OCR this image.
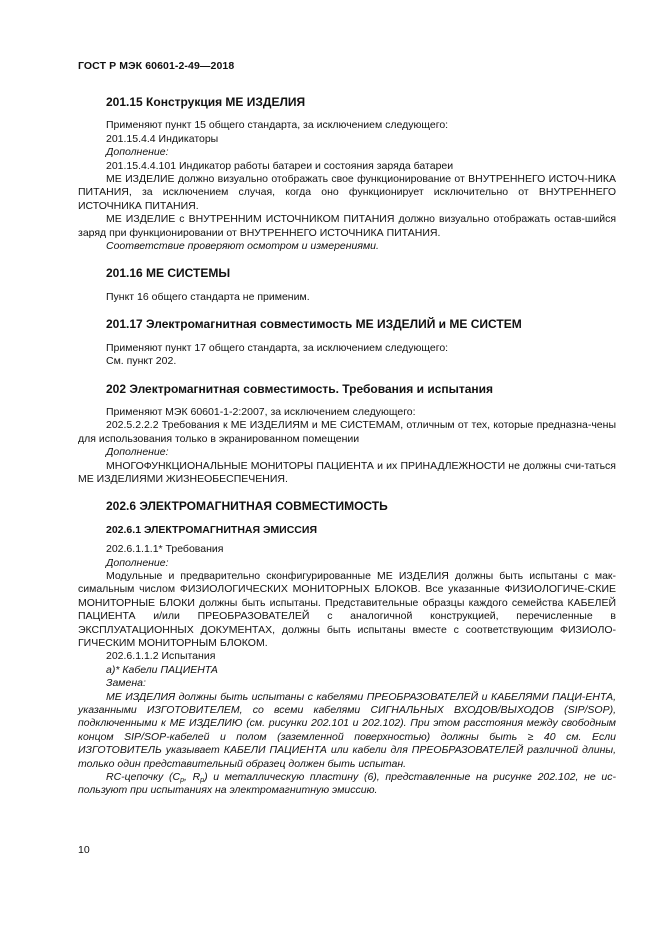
ГОСТ Р МЭК 60601-2-49—2018
201.15 Конструкция МЕ ИЗДЕЛИЯ

Применяют пункт 15 общего стандарта, за исключением следующего:

201.15.4.4 Индикаторы

Дополнение:

201.15.4.4.101 Индикатор работы батареи и состояния заряда батареи

МЕ ИЗДЕЛИЕ должно визуально отображать свое функционирование от ВНУТРЕННЕГО ИСТОЧ-НИКА ПИТАНИЯ, за исключением случая, когда оно функционирует исключительно от ВНУТРЕННЕГО ИСТОЧНИКА ПИТАНИЯ.

МЕ ИЗДЕЛИЕ с ВНУТРЕННИМ ИСТОЧНИКОМ ПИТАНИЯ должно визуально отображать остав-шийся заряд при функционировании от ВНУТРЕННЕГО ИСТОЧНИКА ПИТАНИЯ.

Соответствие проверяют осмотром и измерениями.

201.16 МЕ СИСТЕМЫ

Пункт 16 общего стандарта не применим.

201.17 Электромагнитная совместимость МЕ ИЗДЕЛИЙ и МЕ СИСТЕМ

Применяют пункт 17 общего стандарта, за исключением следующего:

См. пункт 202.

202 Электромагнитная совместимость. Требования и испытания

Применяют МЭК 60601-1-2:2007, за исключением следующего:

202.5.2.2.2 Требования к МЕ ИЗДЕЛИЯМ и МЕ СИСТЕМАМ, отличным от тех, которые предназна-чены для использования только в экранированном помещении

Дополнение:

МНОГОФУНКЦИОНАЛЬНЫЕ МОНИТОРЫ ПАЦИЕНТА и их ПРИНАДЛЕЖНОСТИ не должны счи-таться МЕ ИЗДЕЛИЯМИ ЖИЗНЕОБЕСПЕЧЕНИЯ.

202.6 ЭЛЕКТРОМАГНИТНАЯ СОВМЕСТИМОСТЬ
202.6.1 ЭЛЕКТРОМАГНИТНАЯ ЭМИССИЯ

202.6.1.1.1* Требования

Дополнение:

Модульные и предварительно сконфигурированные МЕ ИЗДЕЛИЯ должны быть испытаны с мак-симальным числом ФИЗИОЛОГИЧЕСКИХ МОНИТОРНЫХ БЛОКОВ. Все указанные ФИЗИОЛОГИЧЕ-СКИЕ МОНИТОРНЫЕ БЛОКИ должны быть испытаны. Представительные образцы каждого семейства КАБЕЛЕЙ ПАЦИЕНТА и/или ПРЕОБРАЗОВАТЕЛЕЙ с аналогичной конструкцией, перечисленные в ЭКСПЛУАТАЦИОННЫХ ДОКУМЕНТАХ, должны быть испытаны вместе с соответствующим ФИЗИОЛО-ГИЧЕСКИМ МОНИТОРНЫМ БЛОКОМ.

202.6.1.1.2 Испытания

а)* Кабели ПАЦИЕНТА

Замена:

МЕ ИЗДЕЛИЯ должны быть испытаны с кабелями ПРЕОБРАЗОВАТЕЛЕЙ и КАБЕЛЯМИ ПАЦИ-ЕНТА, указанными ИЗГОТОВИТЕЛЕМ, со всеми кабелями СИГНАЛЬНЫХ ВХОДОВ/ВЫХОДОВ (SIP/SOP), подключенными к МЕ ИЗДЕЛИЮ (см. рисунки 202.101 и 202.102). При этом расстояния между свободным концом SIP/SOP-кабелей и полом (заземленной поверхностью) должны быть ≥ 40 см. Если ИЗГОТОВИТЕЛЬ указывает КАБЕЛИ ПАЦИЕНТА или кабели для ПРЕОБРАЗОВАТЕЛЕЙ различной длины, только один представительный образец должен быть испытан.

RC-цепочку ($C_p$, $R_p$) и металлическую пластину (6), представленные на рисунке 202.102, не ис-пользуют при испытаниях на электромагнитную эмиссию.

10
